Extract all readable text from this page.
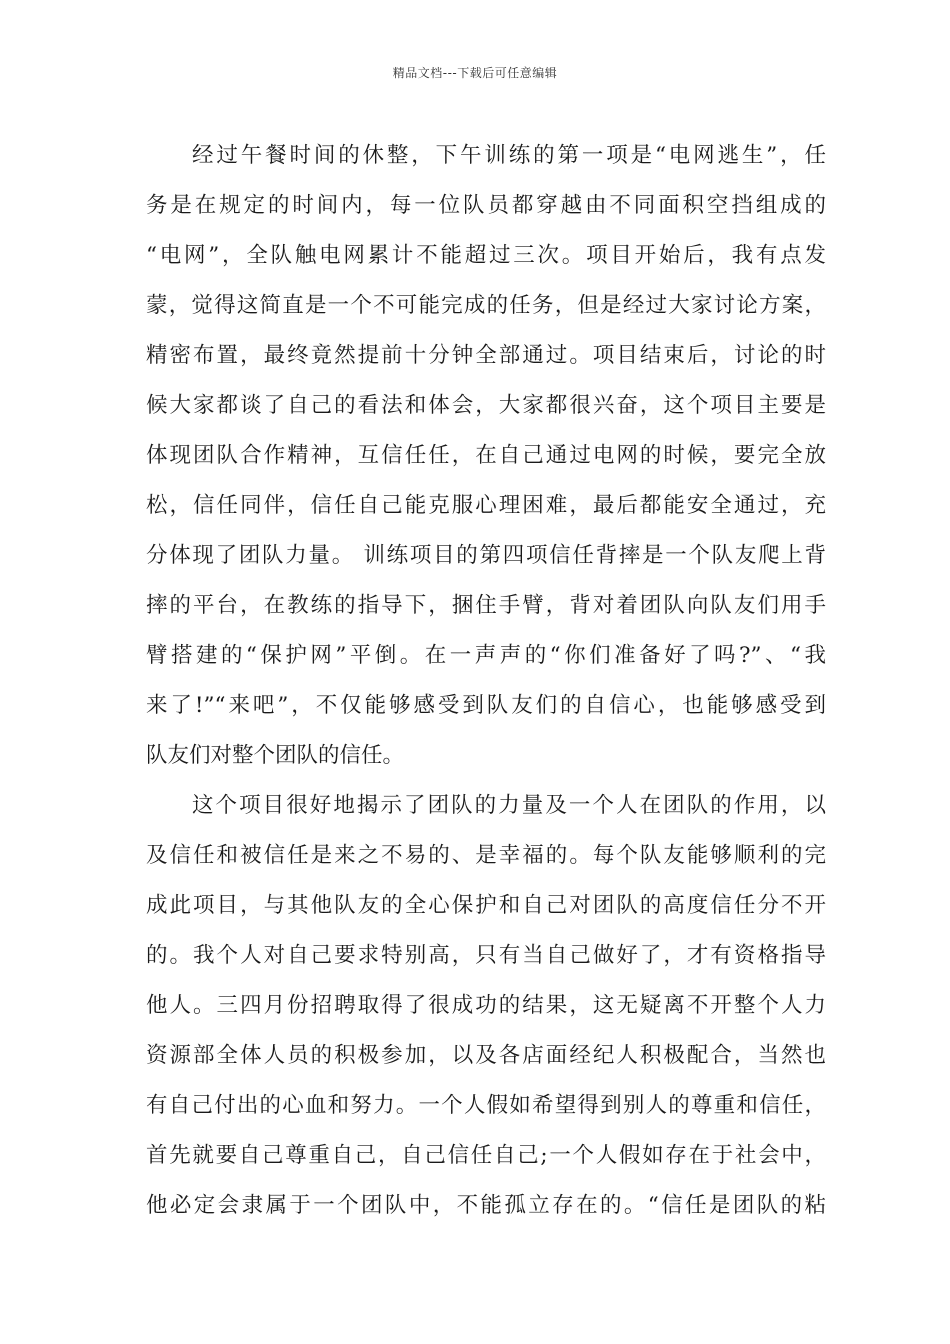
精品文档---下载后可任意编辑
经过午餐时间的休整，下午训练的第一项是“电网逃生”，任
务是在规定的时间内，每一位队员都穿越由不同面积空挡组成的
“电网”，全队触电网累计不能超过三次。项目开始后，我有点发
蒙，觉得这简直是一个不可能完成的任务，但是经过大家讨论方案，
精密布置，最终竟然提前十分钟全部通过。项目结束后，讨论的时
候大家都谈了自己的看法和体会，大家都很兴奋，这个项目主要是
体现团队合作精神，互信任任，在自己通过电网的时候，要完全放
松，信任同伴，信任自己能克服心理困难，最后都能安全通过，充
分体现了团队力量。 训练项目的第四项信任背摔是一个队友爬上背
摔的平台，在教练的指导下，捆住手臂，背对着团队向队友们用手
臂搭建的“保护网”平倒。在一声声的“你们准备好了吗?”、“我
来了!”“来吧”，不仅能够感受到队友们的自信心，也能够感受到
队友们对整个团队的信任。
这个项目很好地揭示了团队的力量及一个人在团队的作用，以
及信任和被信任是来之不易的、是幸福的。每个队友能够顺利的完
成此项目，与其他队友的全心保护和自己对团队的高度信任分不开
的。我个人对自己要求特别高，只有当自己做好了，才有资格指导
他人。三四月份招聘取得了很成功的结果，这无疑离不开整个人力
资源部全体人员的积极参加，以及各店面经纪人积极配合，当然也
有自己付出的心血和努力。一个人假如希望得到别人的尊重和信任，
首先就要自己尊重自己，自己信任自己;一个人假如存在于社会中，
他必定会隶属于一个团队中，不能孤立存在的。“信任是团队的粘
